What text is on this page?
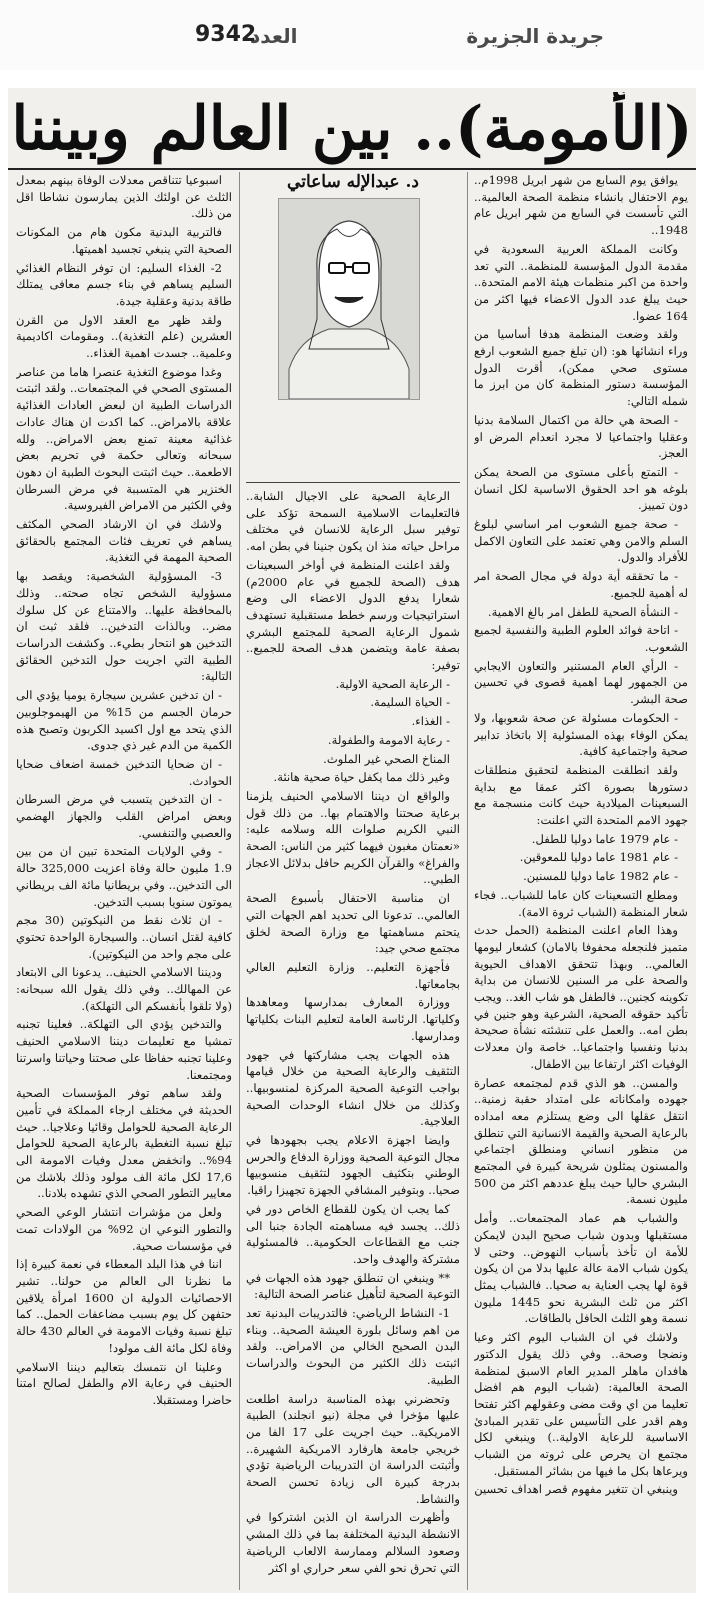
جريدة الجزيرة
العدد
9342
(الأمومة).. بين العالم وبيننا

يوافق يوم السابع من شهر ابريل 1998م.. يوم الاحتفال بانشاء منظمة الصحة العالمية.. التي تأسست في السابع من شهر ابريل عام 1948..

وكانت المملكة العربية السعودية في مقدمة الدول المؤسسة للمنظمة.. التي تعد واحدة من اكبر منظمات هيئة الامم المتحدة.. حيث يبلغ عدد الدول الاعضاء فيها اكثر من 164 عضوا.

ولقد وضعت المنظمة هدفا أساسيا من وراء انشائها هو: (ان تبلغ جميع الشعوب ارفع مستوى صحي ممكن)، أقرت الدول المؤسسة دستور المنظمة كان من ابرز ما شمله التالي:

- الصحة هي حالة من اكتمال السلامة بدنيا وعقليا واجتماعيا لا مجرد انعدام المرض او العجز.

- التمتع بأعلى مستوى من الصحة يمكن بلوغه هو احد الحقوق الاساسية لكل انسان دون تمييز.

- صحة جميع الشعوب امر اساسي لبلوغ السلم والامن وهي تعتمد على التعاون الاكمل للأفراد والدول.

- ما تحققه أية دولة في مجال الصحة امر له أهمية للجميع.

- النشأة الصحية للطفل امر بالغ الاهمية.

- اتاحة فوائد العلوم الطبية والنفسية لجميع الشعوب.

- الرأي العام المستنير والتعاون الايجابي من الجمهور لهما اهمية قصوى في تحسين صحة البشر.

- الحكومات مسئولة عن صحة شعوبها، ولا يمكن الوفاء بهذه المسئولية إلا باتخاذ تدابير صحية واجتماعية كافية.

ولقد انطلقت المنظمة لتحقيق منطلقات دستورها بصورة اكثر عمقا مع بداية السبعينات الميلادية حيث كانت منسجمة مع جهود الامم المتحدة التي اعلنت:

- عام 1979 عاما دوليا للطفل.

- عام 1981 عاما دوليا للمعوقين.

- عام 1982 عاما دوليا للمسنين.

ومطلع التسعينات كان عاما للشباب.. فجاء شعار المنظمة (الشباب ثروة الامة).

وهذا العام اعلنت المنظمة (الحمل حدث متميز فلنجعله محفوفا بالامان) كشعار ليومها العالمي.. وبهذا تتحقق الاهداف الحيوية والصحة على مر السنين للانسان من بداية تكوينه كجنين.. فالطفل هو شاب الغد.. ويجب تأكيد حقوقه الصحية، الشرعية وهو جنين في بطن امه.. والعمل على تنشئته نشأة صحيحة بدنيا ونفسيا واجتماعيا.. خاصة وان معدلات الوفيات اكثر ارتفاعا بين الاطفال.

والمسن.. هو الذي قدم لمجتمعه عصارة جهوده وامكاناته على امتداد حقبة زمنية.. انتقل عقلها الى وضع يستلزم معه امداده بالرعاية الصحية والقيمة الانسانية التي تنطلق من منظور انساني ومنطلق اجتماعي والمسنون يمثلون شريحة كبيرة في المجتمع البشري حاليا حيث يبلغ عددهم اكثر من 500 مليون نسمة.

والشباب هم عماد المجتمعات.. وأمل مستقبلها وبدون شباب صحيح البدن لايمكن للأمة ان تأخذ بأسباب النهوض.. وحتى لا يكون شباب الامة عالة عليها بدلا من ان يكون قوة لها يجب العناية به صحيا.. فالشباب يمثل اكثر من ثلث البشرية نحو 1445 مليون نسمة وهو الثلث الحافل بالطاقات.

ولاشك في ان الشباب اليوم اكثر وعيا ونضجا وصحة.. وفي ذلك يقول الدكتور هافدان ماهلر المدير العام الاسبق لمنظمة الصحة العالمية: (شباب اليوم هم افضل تعليما من اي وقت مضى وعقولهم اكثر تفتحا وهم اقدر على التأسيس على تقدير المبادئ الاساسية للرعاية الاولية..) وينبغي لكل مجتمع ان يحرص على ثروته من الشباب ويرعاها بكل ما فيها من بشائر المستقبل.

وينبغي ان تتغير مفهوم قصر اهداف تحسين

د. عبدالإله ساعاتي

الرعاية الصحية على الاجيال الشابة.. فالتعليمات الاسلامية السمحة تؤكد على توفير سبل الرعاية للانسان في مختلف مراحل حياته منذ ان يكون جنينا في بطن امه.

ولقد اعلنت المنظمة في أواخر السبعينات هدف (الصحة للجميع في عام 2000م) شعارا يدفع الدول الاعضاء الى وضع استراتيجيات ورسم خطط مستقبلية تستهدف شمول الرعاية الصحية للمجتمع البشري بصفة عامة ويتضمن هدف الصحة للجميع.. توفير:

- الرعاية الصحية الاولية.

- الحياة السليمة.

- الغذاء.

- رعاية الامومة والطفولة.

المناخ الصحي غير الملوث.

وغير ذلك مما يكفل حياة صحية هانئة.

والواقع ان ديننا الاسلامي الحنيف يلزمنا برعاية صحتنا والاهتمام بها.. من ذلك قول النبي الكريم صلوات الله وسلامه عليه: «نعمتان مغبون فيهما كثير من الناس: الصحة والفراغ» والقرآن الكريم حافل بدلائل الاعجاز الطبي..

ان مناسبة الاحتفال بأسبوع الصحة العالمي.. تدعونا الى تحديد اهم الجهات التي يتحتم مساهمتها مع وزارة الصحة لخلق مجتمع صحي جيد:

فأجهزة التعليم.. وزارة التعليم العالي بجامعاتها.

ووزارة المعارف بمدارسها ومعاهدها وكلياتها. الرئاسة العامة لتعليم البنات بكلياتها ومدارسها.

هذه الجهات يجب مشاركتها في جهود التثقيف والرعاية الصحية من خلال قيامها بواجب التوعية الصحية المركزة لمنسوبيها.. وكذلك من خلال انشاء الوحدات الصحية العلاجية.

وايضا اجهزة الاعلام يجب بجهودها في مجال التوعية الصحية ووزارة الدفاع والحرس الوطني بتكثيف الجهود لتثقيف منسوبيها صحيا.. وبتوفير المشافي الجهزة تجهيزا راقيا.

كما يجب ان يكون للقطاع الخاص دور في ذلك.. يجسد فيه مساهمته الجادة جنبا الى جنب مع القطاعات الحكومية.. فالمسئولية مشتركة والهدف واحد.

** وينبغي ان تنطلق جهود هذه الجهات في التوعية الصحية لتأهيل عناصر الصحة التالية:

1- النشاط الرياضي: فالتدريبات البدنية تعد من اهم وسائل بلورة العيشة الصحية.. وبناء البدن الصحيح الخالي من الامراض.. ولقد اثبتت ذلك الكثير من البحوث والدراسات الطبية.

وتحضرني بهذه المناسبة دراسة اطلعت عليها مؤخرا في مجلة (نيو انجلند) الطبية الامريكية.. حيث اجريت على 17 الفا من خريجي جامعة هارفارد الامريكية الشهيرة.. وأثبتت الدراسة ان التدريبات الرياضية تؤدي بدرجة كبيرة الى زيادة تحسن الصحة والنشاط.

وأظهرت الدراسة ان الذين اشتركوا في الانشطة البدنية المختلفة بما في ذلك المشي وصعود السلالم وممارسة الالعاب الرياضية التي تحرق نحو الفي سعر حراري او اكثر

اسبوعيا تتناقص معدلات الوفاة بينهم بمعدل الثلث عن اولئك الذين يمارسون نشاطا اقل من ذلك.

فالتربية البدنية مكون هام من المكونات الصحية التي ينبغي تجسيد اهميتها.

2- الغذاء السليم: ان توفر النظام الغذائي السليم يساهم في بناء جسم معافى يمتلك طاقة بدنية وعقلية جيدة.

ولقد ظهر مع العقد الاول من القرن العشرين (علم التغذية).. ومقومات اكاديمية وعلمية.. جسدت اهمية الغذاء..

وغدا موضوع التغذية عنصرا هاما من عناصر المستوى الصحي في المجتمعات.. ولقد اثبتت الدراسات الطبية ان لبعض العادات الغذائية علاقة بالامراض.. كما اكدت ان هناك عادات غذائية معينة تمنع بعض الامراض.. ولله سبحانه وتعالى حكمة في تحريم بعض الاطعمة.. حيث اثبتت البحوث الطبية ان دهون الخنزير هي المتسببة في مرض السرطان وفي الكثير من الامراض الفيروسية.

ولاشك في ان الارشاد الصحي المكثف يساهم في تعريف فئات المجتمع بالحقائق الصحية المهمة في التغذية.

3- المسؤولية الشخصية: ويقصد بها مسؤولية الشخص تجاه صحته.. وذلك بالمحافظة عليها.. والامتناع عن كل سلوك مضر.. وبالذات التدخين.. فلقد ثبت ان التدخين هو انتحار بطيء.. وكشفت الدراسات الطبية التي اجريت حول التدخين الحقائق التالية:

- ان تدخين عشرين سيجارة يوميا يؤدي الى حرمان الجسم من 15% من الهيموجلوبين الذي يتحد مع اول اكسيد الكربون وتصبح هذه الكمية من الدم غير ذي جدوى.

- ان ضحايا التدخين خمسة اضعاف ضحايا الحوادث.

- ان التدخين يتسبب في مرض السرطان وبعض امراض القلب والجهاز الهضمي والعصبي والتنفسي.

- وفي الولايات المتحدة تبين ان من بين 1.9 مليون حالة وفاة اعزيت 325,000 حالة الى التدخين.. وفي بريطانيا مائة الف بريطاني يموتون سنويا بسبب التدخين.

- ان ثلاث نقط من النيكوتين (30 مجم كافية لقتل انسان.. والسيجارة الواحدة تحتوي على مجم واحد من النيكوتين).

وديننا الاسلامي الحنيف.. يدعونا الى الابتعاد عن المهالك.. وفي ذلك يقول الله سبحانه: (ولا تلقوا بأنفسكم الى التهلكة).

والتدخين يؤدي الى التهلكة.. فعلينا تجنبه تمشيا مع تعليمات ديننا الاسلامي الحنيف وعلينا تجنبه حفاظا على صحتنا وحياتنا واسرتنا ومجتمعنا.

ولقد ساهم توفر المؤسسات الصحية الحديثة في مختلف ارجاء المملكة في تأمين الرعاية الصحية للحوامل وقائيا وعلاجيا.. حيث تبلغ نسبة التغطية بالرعاية الصحية للحوامل 94%.. وانخفض معدل وفيات الامومة الى 17,6 لكل مائة الف مولود وذلك بلاشك من معايير التطور الصحي الذي تشهده بلادنا..

ولعل من مؤشرات انتشار الوعي الصحي والتطور النوعي ان 92% من الولادات تمت في مؤسسات صحية.

اننا في هذا البلد المعطاء في نعمة كبيرة إذا ما نظرنا الى العالم من حولنا.. تشير الاحصائيات الدولية ان 1600 امرأة يلاقين حتفهن كل يوم بسبب مضاعفات الحمل.. كما تبلغ نسبة وفيات الامومة في العالم 430 حالة وفاة لكل مائة الف مولود!

وعلينا ان نتمسك بتعاليم ديننا الاسلامي الحنيف في رعاية الام والطفل لصالح امتنا حاضرا ومستقبلا.
